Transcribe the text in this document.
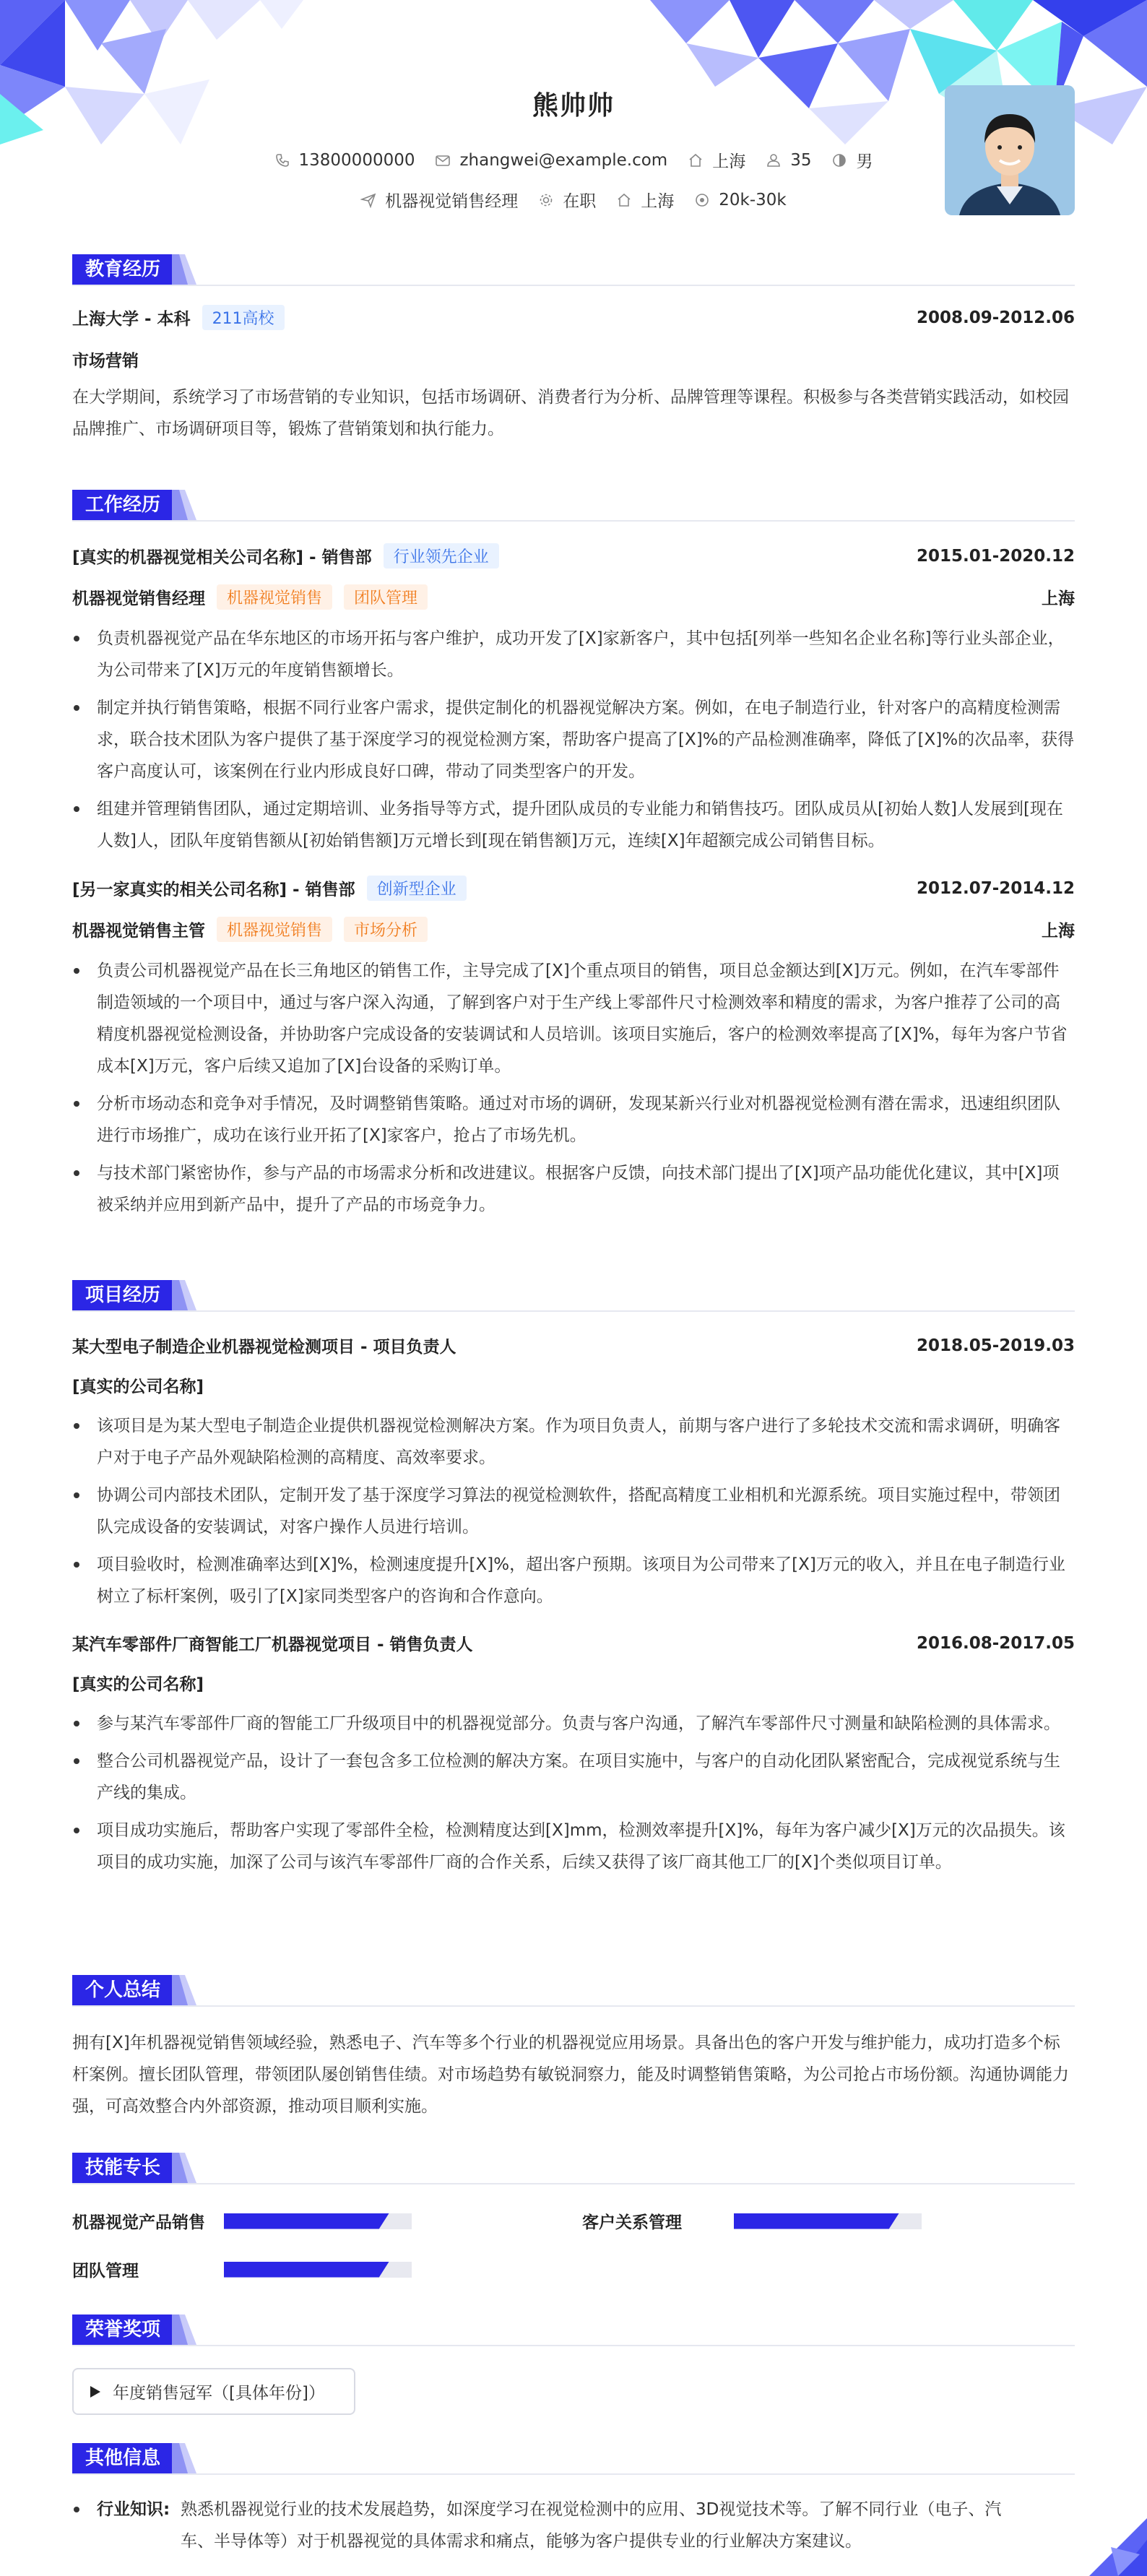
熊帅帅
13800000000	zhangwei@example.com	上海	35	男
机器视觉销售经理	在职	上海	20k-30k
教育经历
上海大学 - 本科	211高校	2008.09-2012.06
市场营销
在大学期间，系统学习了市场营销的专业知识，包括市场调研、消费者行为分析、品牌管理等课程。积极参与各类营销实践活动，如校园品牌推广、市场调研项目等，锻炼了营销策划和执行能力。
工作经历
[真实的机器视觉相关公司名称] - 销售部	行业领先企业	2015.01-2020.12
机器视觉销售经理	机器视觉销售	团队管理	上海
负责机器视觉产品在华东地区的市场开拓与客户维护，成功开发了[X]家新客户，其中包括[列举一些知名企业名称]等行业头部企业，为公司带来了[X]万元的年度销售额增长。
制定并执行销售策略，根据不同行业客户需求，提供定制化的机器视觉解决方案。例如，在电子制造行业，针对客户的高精度检测需求，联合技术团队为客户提供了基于深度学习的视觉检测方案，帮助客户提高了[X]%的产品检测准确率，降低了[X]%的次品率，获得客户高度认可，该案例在行业内形成良好口碑，带动了同类型客户的开发。
组建并管理销售团队，通过定期培训、业务指导等方式，提升团队成员的专业能力和销售技巧。团队成员从[初始人数]人发展到[现在人数]人，团队年度销售额从[初始销售额]万元增长到[现在销售额]万元，连续[X]年超额完成公司销售目标。
[另一家真实的相关公司名称] - 销售部	创新型企业	2012.07-2014.12
机器视觉销售主管	机器视觉销售	市场分析	上海
负责公司机器视觉产品在长三角地区的销售工作，主导完成了[X]个重点项目的销售，项目总金额达到[X]万元。例如，在汽车零部件制造领域的一个项目中，通过与客户深入沟通，了解到客户对于生产线上零部件尺寸检测效率和精度的需求，为客户推荐了公司的高精度机器视觉检测设备，并协助客户完成设备的安装调试和人员培训。该项目实施后，客户的检测效率提高了[X]%，每年为客户节省成本[X]万元，客户后续又追加了[X]台设备的采购订单。
分析市场动态和竞争对手情况，及时调整销售策略。通过对市场的调研，发现某新兴行业对机器视觉检测有潜在需求，迅速组织团队进行市场推广，成功在该行业开拓了[X]家客户，抢占了市场先机。
与技术部门紧密协作，参与产品的市场需求分析和改进建议。根据客户反馈，向技术部门提出了[X]项产品功能优化建议，其中[X]项被采纳并应用到新产品中，提升了产品的市场竞争力。
项目经历
某大型电子制造企业机器视觉检测项目 - 项目负责人	2018.05-2019.03
[真实的公司名称]
该项目是为某大型电子制造企业提供机器视觉检测解决方案。作为项目负责人，前期与客户进行了多轮技术交流和需求调研，明确客户对于电子产品外观缺陷检测的高精度、高效率要求。
协调公司内部技术团队，定制开发了基于深度学习算法的视觉检测软件，搭配高精度工业相机和光源系统。项目实施过程中，带领团队完成设备的安装调试，对客户操作人员进行培训。
项目验收时，检测准确率达到[X]%，检测速度提升[X]%，超出客户预期。该项目为公司带来了[X]万元的收入，并且在电子制造行业树立了标杆案例，吸引了[X]家同类型客户的咨询和合作意向。
某汽车零部件厂商智能工厂机器视觉项目 - 销售负责人	2016.08-2017.05
[真实的公司名称]
参与某汽车零部件厂商的智能工厂升级项目中的机器视觉部分。负责与客户沟通，了解汽车零部件尺寸测量和缺陷检测的具体需求。
整合公司机器视觉产品，设计了一套包含多工位检测的解决方案。在项目实施中，与客户的自动化团队紧密配合，完成视觉系统与生产线的集成。
项目成功实施后，帮助客户实现了零部件全检，检测精度达到[X]mm，检测效率提升[X]%，每年为客户减少[X]万元的次品损失。该项目的成功实施，加深了公司与该汽车零部件厂商的合作关系，后续又获得了该厂商其他工厂的[X]个类似项目订单。
个人总结
拥有[X]年机器视觉销售领域经验，熟悉电子、汽车等多个行业的机器视觉应用场景。具备出色的客户开发与维护能力，成功打造多个标杆案例。擅长团队管理，带领团队屡创销售佳绩。对市场趋势有敏锐洞察力，能及时调整销售策略，为公司抢占市场份额。沟通协调能力强，可高效整合内外部资源，推动项目顺利实施。
技能专长
机器视觉产品销售	客户关系管理
团队管理
荣誉奖项
年度销售冠军（[具体年份]）
其他信息
行业知识: 熟悉机器视觉行业的技术发展趋势，如深度学习在视觉检测中的应用、3D视觉技术等。了解不同行业（电子、汽车、半导体等）对于机器视觉的具体需求和痛点，能够为客户提供专业的行业解决方案建议。
